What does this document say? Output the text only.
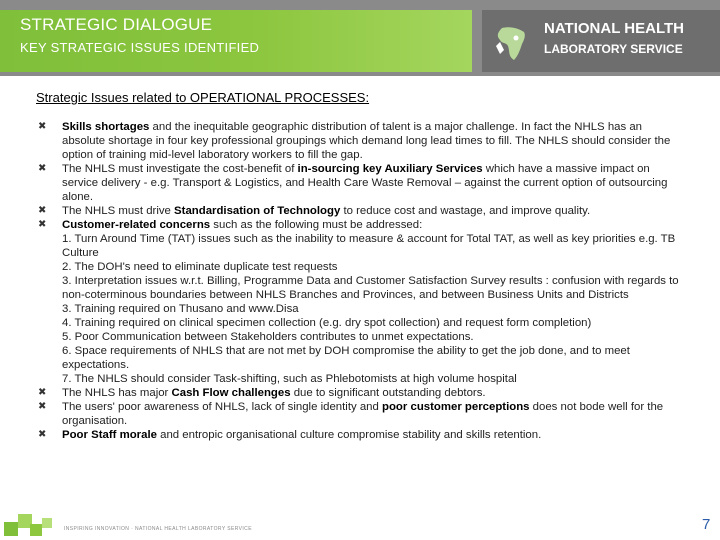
STRATEGIC DIALOGUE
KEY STRATEGIC ISSUES IDENTIFIED
NATIONAL HEALTH
LABORATORY SERVICE
Strategic Issues related to OPERATIONAL PROCESSES:
✖ Skills shortages and the inequitable geographic distribution of talent is a major challenge. In fact the NHLS has an absolute shortage in four key professional groupings which demand long lead times to fill. The NHLS should consider the option of training mid-level laboratory workers to fill the gap.
✖ The NHLS must investigate the cost-benefit of in-sourcing key Auxiliary Services which have a massive impact on service delivery - e.g. Transport & Logistics, and Health Care Waste Removal – against the current option of outsourcing alone.
✖ The NHLS must drive Standardisation of Technology to reduce cost and wastage, and improve quality.
✖ Customer-related concerns such as the following must be addressed:
1. Turn Around Time (TAT) issues such as the inability to measure & account for Total TAT, as well as key priorities e.g. TB Culture
2. The DOH's need to eliminate duplicate test requests
3. Interpretation issues w.r.t. Billing, Programme Data and Customer Satisfaction Survey results : confusion with regards to non-coterminous boundaries between NHLS Branches and Provinces, and between Business Units and Districts
3. Training required on Thusano and www.Disa
4. Training required on clinical specimen collection (e.g. dry spot collection) and request form completion)
5. Poor Communication between Stakeholders contributes to unmet expectations.
6. Space requirements of NHLS that are not met by DOH compromise the ability to get the job done, and to meet expectations.
7. The NHLS should consider Task-shifting, such as Phlebotomists at high volume hospital
✖ The NHLS has major Cash Flow challenges due to significant outstanding debtors.
✖ The users' poor awareness of NHLS, lack of single identity and poor customer perceptions does not bode well for the organisation.
✖ Poor Staff morale and entropic organisational culture compromise stability and skills retention.
INSPIRING INNOVATION · NATIONAL HEALTH LABORATORY SERVICE	7
